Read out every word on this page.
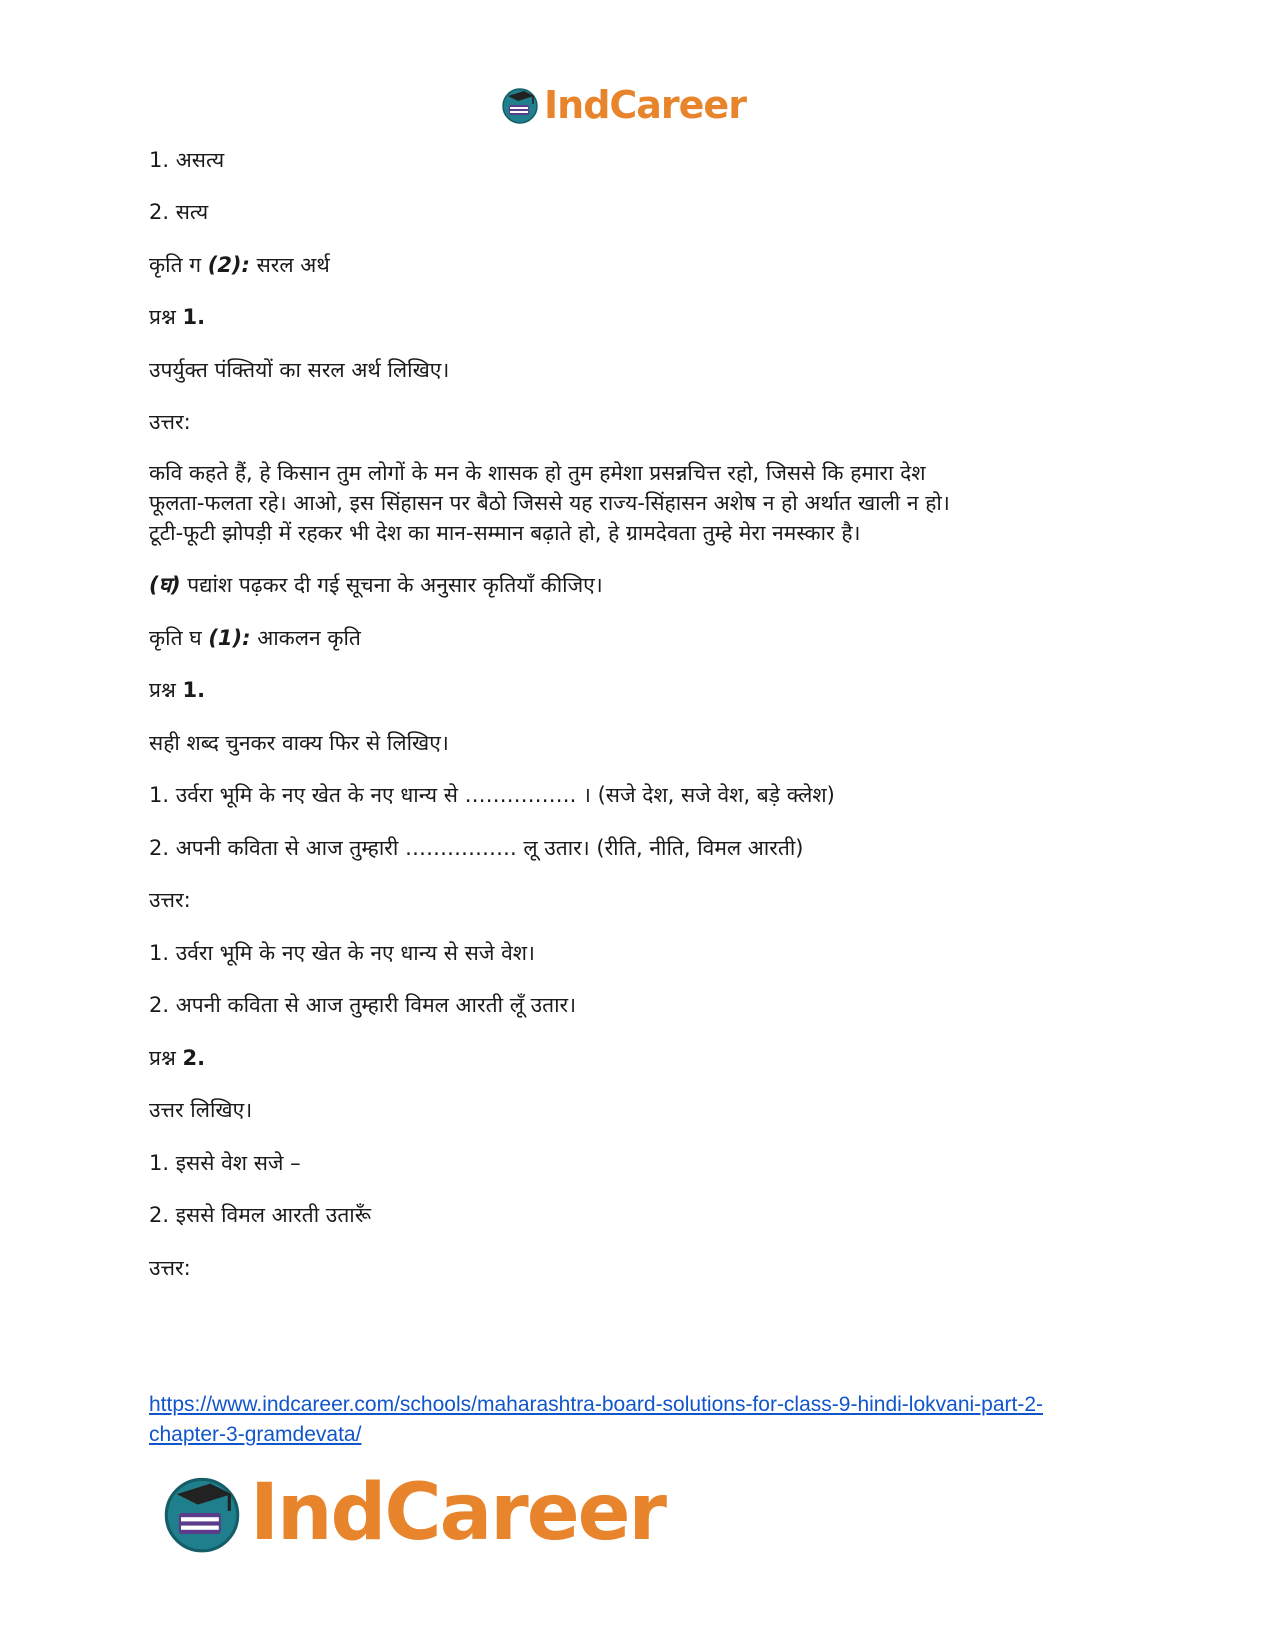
IndCareer
1. असत्य
2. सत्य
कृति ग (2): सरल अर्थ
प्रश्न 1.
उपर्युक्त पंक्तियों का सरल अर्थ लिखिए।
उत्तर:
कवि कहते हैं, हे किसान तुम लोगों के मन के शासक हो तुम हमेशा प्रसन्नचित्त रहो, जिससे कि हमारा देश
फूलता-फलता रहे। आओ, इस सिंहासन पर बैठो जिससे यह राज्य-सिंहासन अशेष न हो अर्थात खाली न हो।
टूटी-फूटी झोपड़ी में रहकर भी देश का मान-सम्मान बढ़ाते हो, हे ग्रामदेवता तुम्हे मेरा नमस्कार है।
(घ) पद्यांश पढ़कर दी गई सूचना के अनुसार कृतियाँ कीजिए।
कृति घ (1): आकलन कृति
प्रश्न 1.
सही शब्द चुनकर वाक्य फिर से लिखिए।
1. उर्वरा भूमि के नए खेत के नए धान्य से ……………. । (सजे देश, सजे वेश, बड़े क्लेश)
2. अपनी कविता से आज तुम्हारी ……………. लू उतार। (रीति, नीति, विमल आरती)
उत्तर:
1. उर्वरा भूमि के नए खेत के नए धान्य से सजे वेश।
2. अपनी कविता से आज तुम्हारी विमल आरती लूँ उतार।
प्रश्न 2.
उत्तर लिखिए।
1. इससे वेश सजे –
2. इससे विमल आरती उतारूँ
उत्तर:
https://www.indcareer.com/schools/maharashtra-board-solutions-for-class-9-hindi-lokvani-part-2-
chapter-3-gramdevata/
IndCareer
